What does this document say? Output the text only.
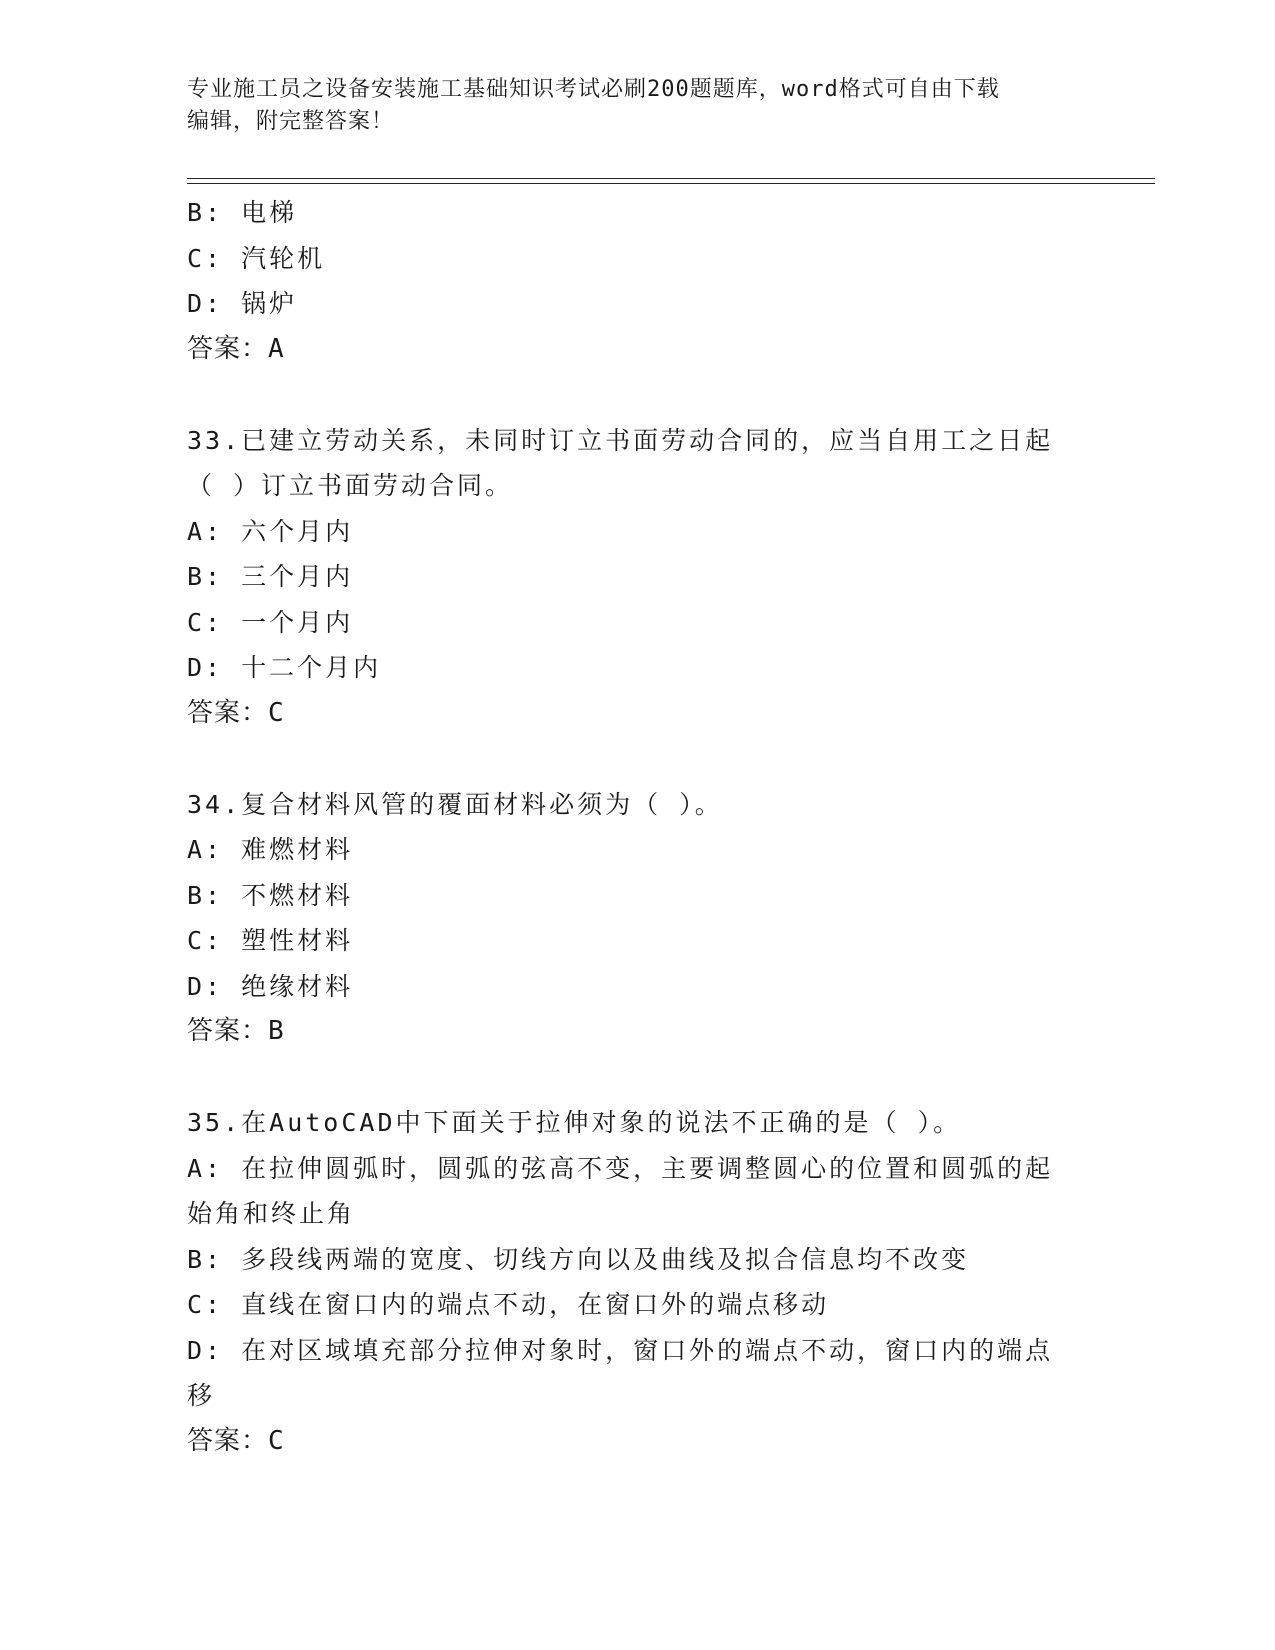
专业施工员之设备安装施工基础知识考试必刷200题题库，word格式可自由下载
编辑，附完整答案！
B: 电梯
C: 汽轮机
D: 锅炉
答案：A
33.已建立劳动关系，未同时订立书面劳动合同的，应当自用工之日起
（ ）订立书面劳动合同。
A: 六个月内
B: 三个月内
C: 一个月内
D: 十二个月内
答案：C
34.复合材料风管的覆面材料必须为（ ）。
A: 难燃材料
B: 不燃材料
C: 塑性材料
D: 绝缘材料
答案：B
35.在AutoCAD中下面关于拉伸对象的说法不正确的是（ ）。
A: 在拉伸圆弧时，圆弧的弦高不变，主要调整圆心的位置和圆弧的起
始角和终止角
B: 多段线两端的宽度、切线方向以及曲线及拟合信息均不改变
C: 直线在窗口内的端点不动，在窗口外的端点移动
D: 在对区域填充部分拉伸对象时，窗口外的端点不动，窗口内的端点
移
答案：C
